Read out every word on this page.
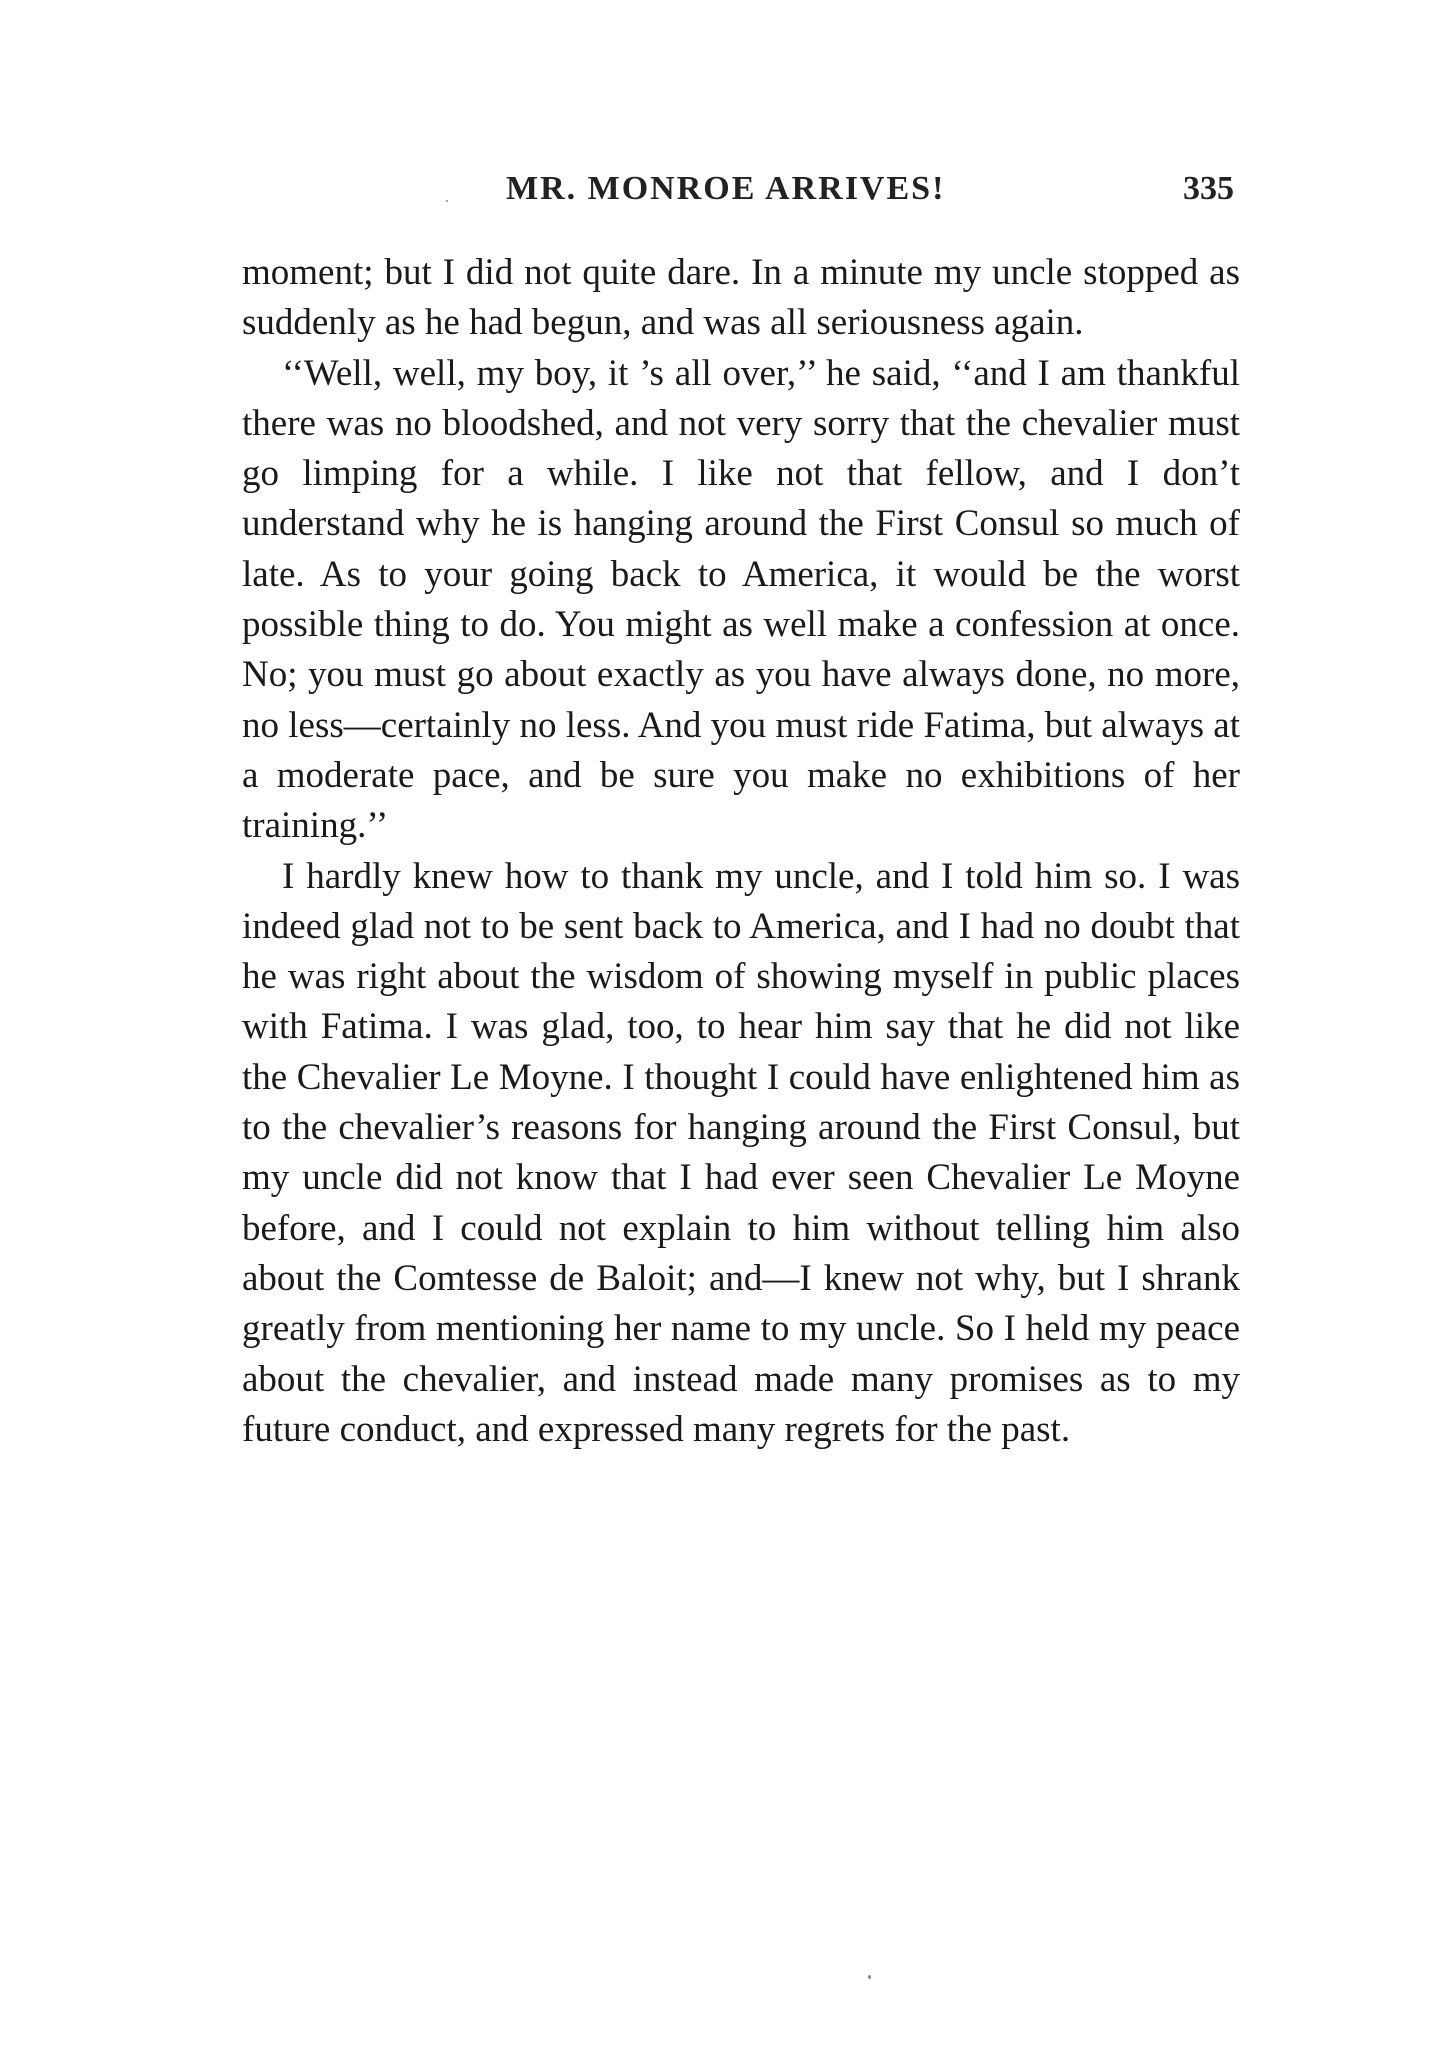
MR. MONROE ARRIVES!	335

moment; but I did not quite dare. In a minute my uncle stopped as suddenly as he had begun, and was all seriousness again.

‘‘Well, well, my boy, it ’s all over,’’ he said, ‘‘and I am thankful there was no bloodshed, and not very sorry that the chevalier must go limping for a while. I like not that fellow, and I don’t understand why he is hanging around the First Consul so much of late. As to your going back to America, it would be the worst possible thing to do. You might as well make a confession at once. No; you must go about exactly as you have always done, no more, no less—certainly no less. And you must ride Fatima, but always at a moderate pace, and be sure you make no exhibitions of her training.’’

I hardly knew how to thank my uncle, and I told him so. I was indeed glad not to be sent back to America, and I had no doubt that he was right about the wisdom of showing myself in public places with Fatima. I was glad, too, to hear him say that he did not like the Chevalier Le Moyne. I thought I could have enlightened him as to the chevalier’s reasons for hanging around the First Consul, but my uncle did not know that I had ever seen Chevalier Le Moyne before, and I could not explain to him without telling him also about the Comtesse de Baloit; and—I knew not why, but I shrank greatly from mentioning her name to my uncle. So I held my peace about the chevalier, and instead made many promises as to my future conduct, and expressed many regrets for the past.
